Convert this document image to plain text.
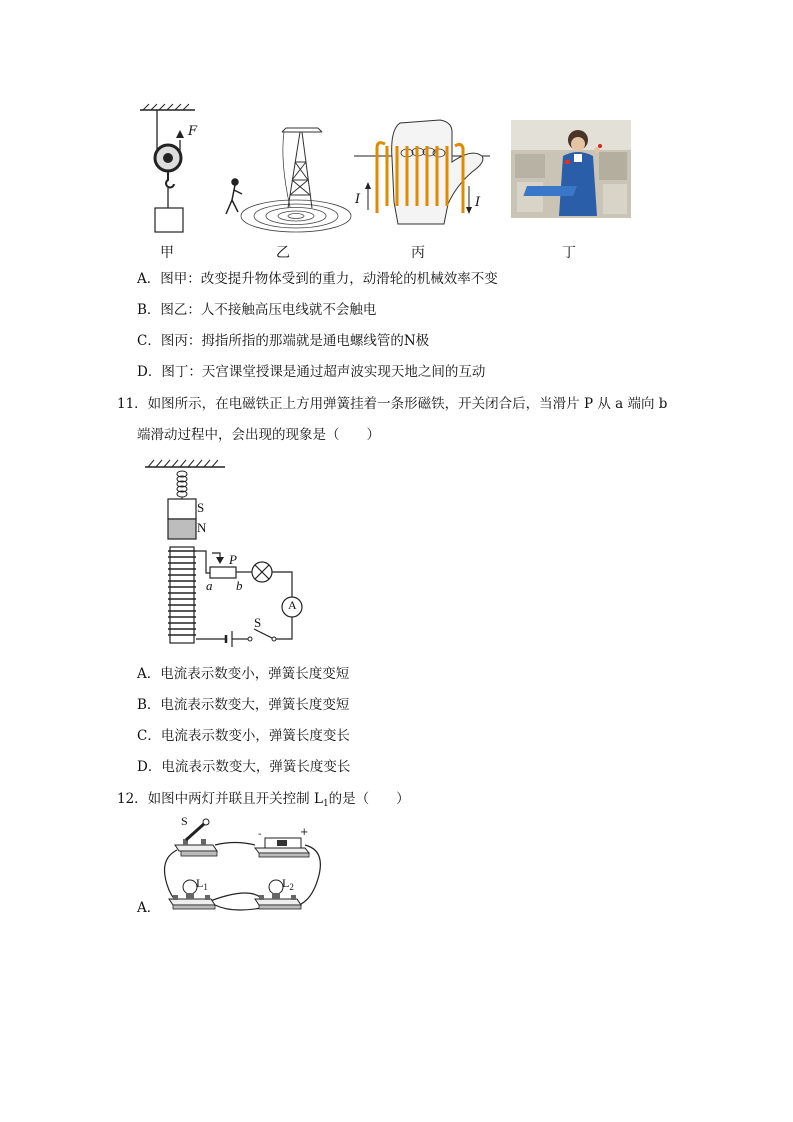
F
I	I
甲	乙	丙	丁
A．图甲：改变提升物体受到的重力，动滑轮的机械效率不变
B．图乙：人不接触高压电线就不会触电
C．图丙：拇指所指的那端就是通电螺线管的N极
D．图丁：天宫课堂授课是通过超声波实现天地之间的互动
11．如图所示，在电磁铁正上方用弹簧挂着一条形磁铁，开关闭合后，当滑片 P 从 a 端向 b
端滑动过程中，会出现的现象是（　　）
S
N
P
a b
A
S
A．电流表示数变小，弹簧长度变短
B．电流表示数变大，弹簧长度变短
C．电流表示数变小，弹簧长度变长
D．电流表示数变大，弹簧长度变长
12．如图中两灯并联且开关控制 $L_1$的是（　　）
S
-	+
$L_1$	$L_2$
A．
